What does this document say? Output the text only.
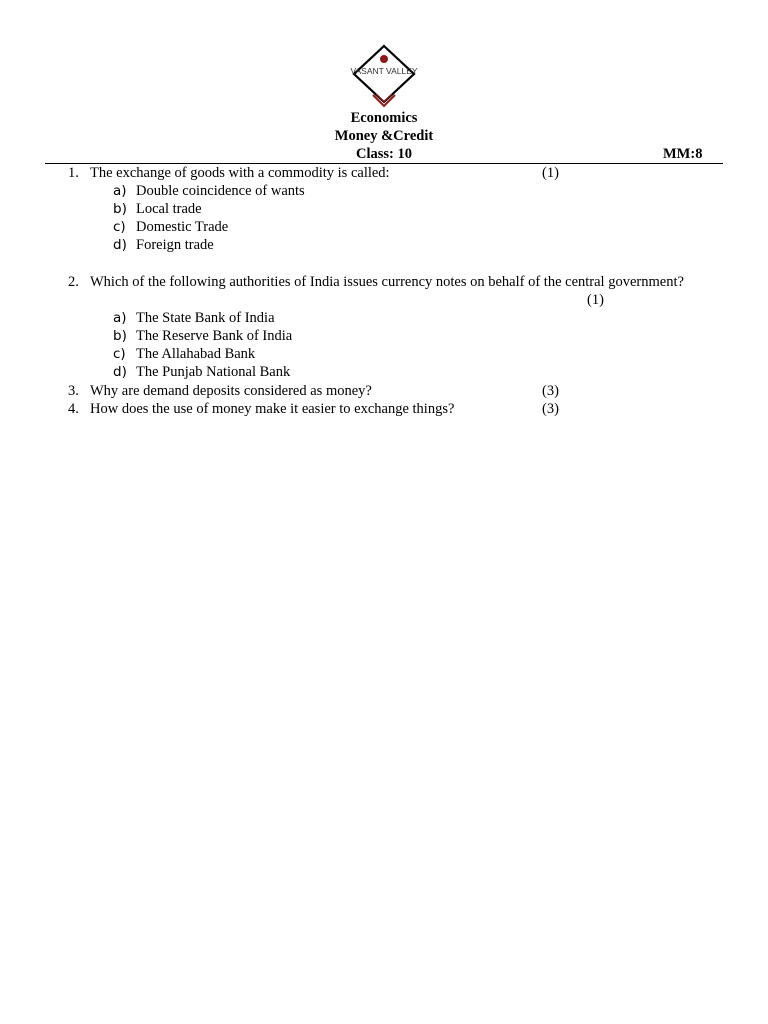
VASANT VALLEY
Economics
Money &Credit
Class: 10	MM:8
1. The exchange of goods with a commodity is called:	(1)
a) Double coincidence of wants
b) Local trade
c) Domestic Trade
d) Foreign trade
2. Which of the following authorities of India issues currency notes on behalf of the central government?
(1)
a) The State Bank of India
b) The Reserve Bank of India
c) The Allahabad Bank
d) The Punjab National Bank
3. Why are demand deposits considered as money?	(3)
4. How does the use of money make it easier to exchange things?	(3)
